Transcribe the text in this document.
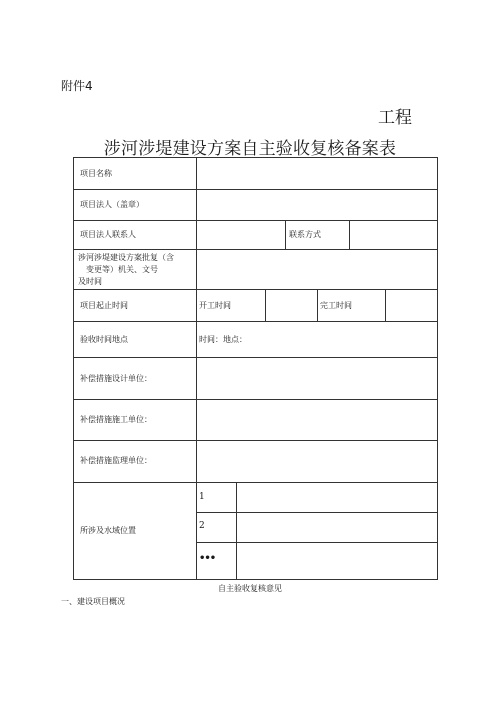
附件4
工程
涉河涉堤建设方案自主验收复核备案表
项目名称
项目法人（盖章）
项目法人联系人	联系方式
涉河涉堤建设方案批复（含
变更等）机关、文号
及时间
项目起止时间	开工时间	完工时间
验收时间地点	时间：地点：
补偿措施设计单位：
补偿措施施工单位：
补偿措施监理单位：
所涉及水域位置
1
2
•••
自主验收复核意见
一、建设项目概况
